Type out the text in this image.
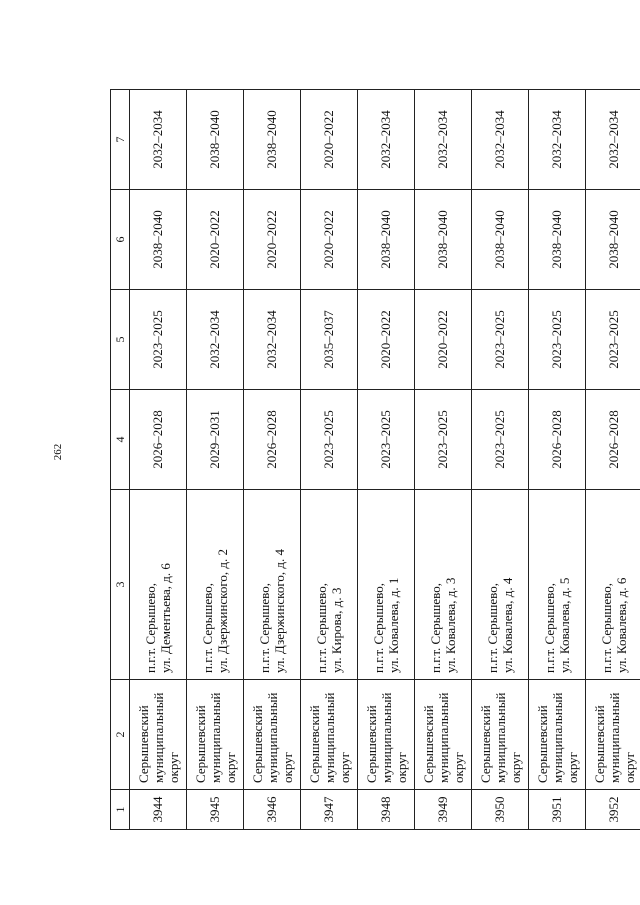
262
1	2	3	4	5	6	7
3944	Серышевский
муниципальный
округ	п.г.т. Серышево,
ул. Дементьева, д. 6	2026–2028	2023–2025	2038–2040	2032–2034
3945	Серышевский
муниципальный
округ	п.г.т. Серышево,
ул. Дзержинского, д. 2	2029–2031	2032–2034	2020–2022	2038–2040
3946	Серышевский
муниципальный
округ	п.г.т. Серышево,
ул. Дзержинского, д. 4	2026–2028	2032–2034	2020–2022	2038–2040
3947	Серышевский
муниципальный
округ	п.г.т. Серышево,
ул. Кирова, д. 3	2023–2025	2035–2037	2020–2022	2020–2022
3948	Серышевский
муниципальный
округ	п.г.т. Серышево,
ул. Ковалева, д. 1	2023–2025	2020–2022	2038–2040	2032–2034
3949	Серышевский
муниципальный
округ	п.г.т. Серышево,
ул. Ковалева, д. 3	2023–2025	2020–2022	2038–2040	2032–2034
3950	Серышевский
муниципальный
округ	п.г.т. Серышево,
ул. Ковалева, д. 4	2023–2025	2023–2025	2038–2040	2032–2034
3951	Серышевский
муниципальный
округ	п.г.т. Серышево,
ул. Ковалева, д. 5	2026–2028	2023–2025	2038–2040	2032–2034
3952	Серышевский
муниципальный
округ	п.г.т. Серышево,
ул. Ковалева, д. 6	2026–2028	2023–2025	2038–2040	2032–2034
